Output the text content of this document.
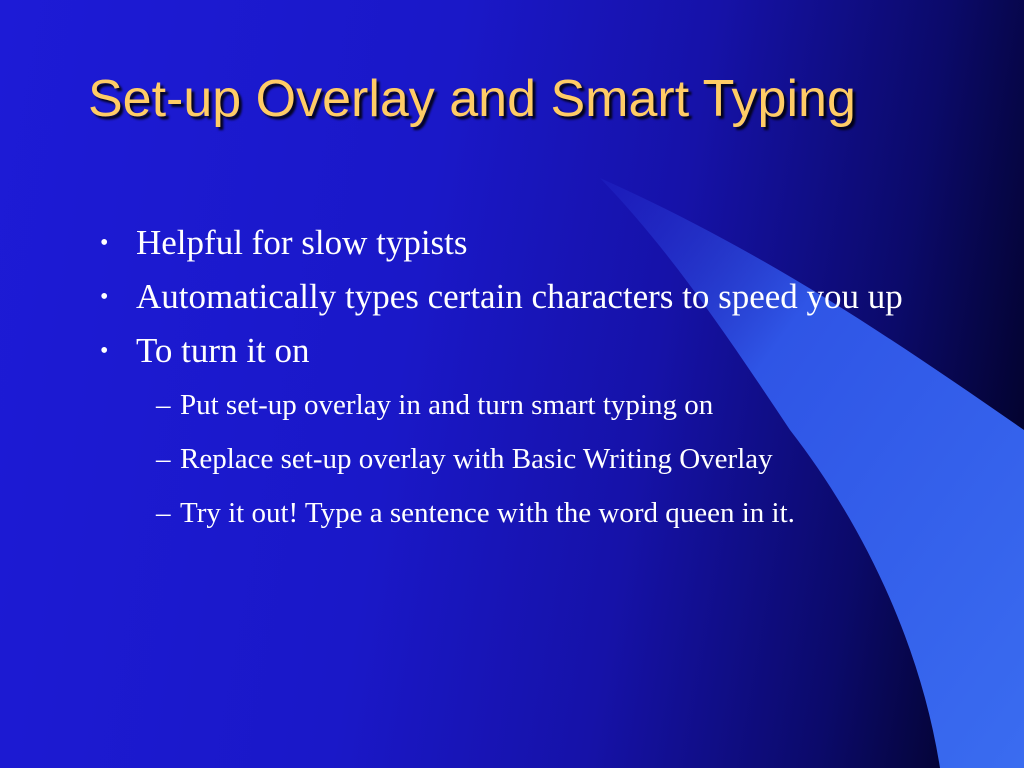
Set-up Overlay and Smart Typing
• Helpful for slow typists
• Automatically types certain characters to speed you up
• To turn it on
– Put set-up overlay in and turn smart typing on
– Replace set-up overlay with Basic Writing Overlay
– Try it out! Type a sentence with the word queen in it.
